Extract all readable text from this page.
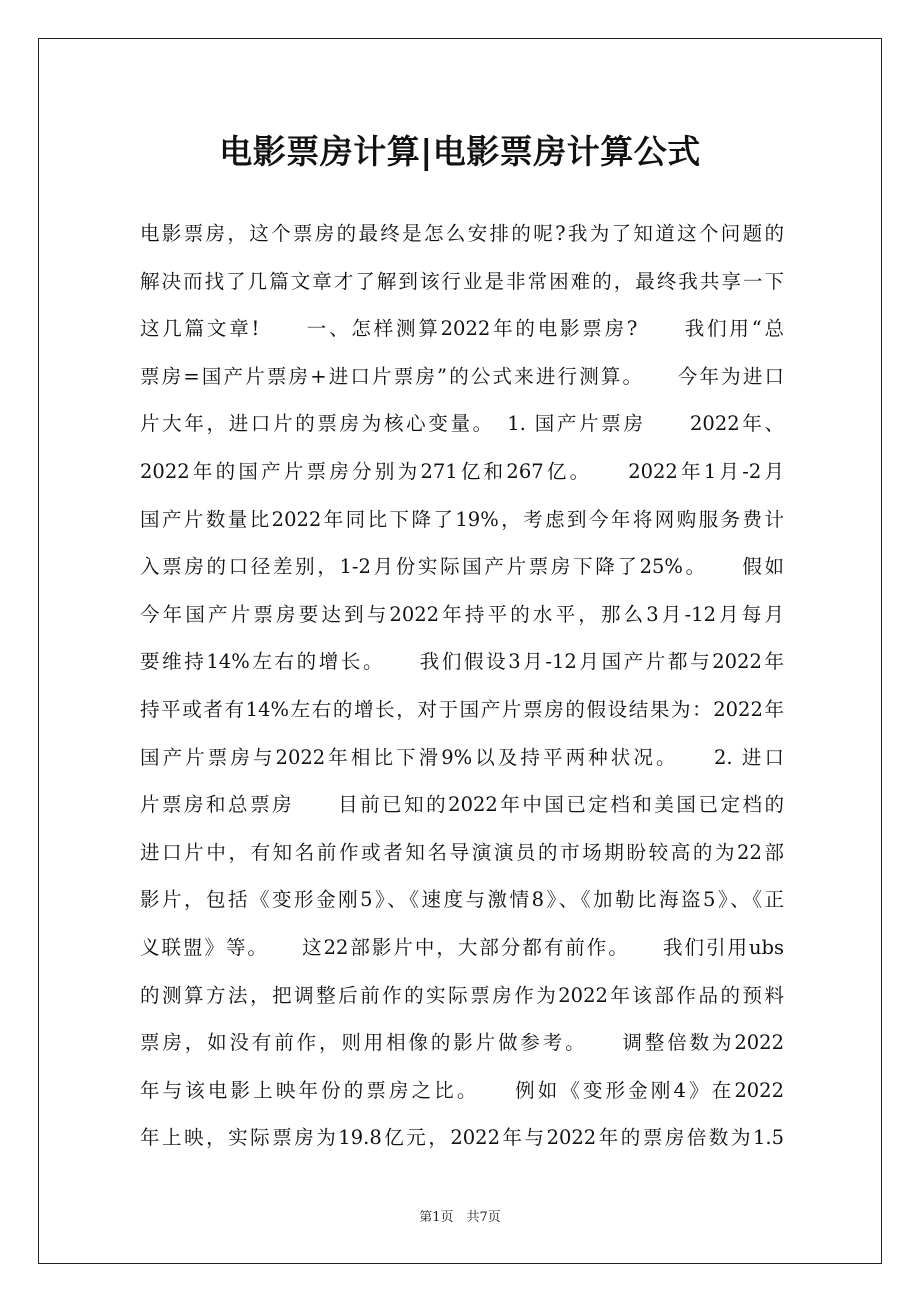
电影票房计算|电影票房计算公式
电影票房，这个票房的最终是怎么安排的呢?我为了知道这个问题的
解决而找了几篇文章才了解到该行业是非常困难的，最终我共享一下
这几篇文章!　　一、怎样测算2022年的电影票房?　　我们用“总
票房=国产片票房+进口片票房”的公式来进行测算。　　今年为进口
片大年，进口片的票房为核心变量。　1. 国产片票房　　2022年、
2022年的国产片票房分别为271亿和267亿。　　2022年1月-2月
国产片数量比2022年同比下降了19%，考虑到今年将网购服务费计
入票房的口径差别，1-2月份实际国产片票房下降了25%。　　假如
今年国产片票房要达到与2022年持平的水平，那么3月-12月每月
要维持14%左右的增长。　　我们假设3月-12月国产片都与2022年
持平或者有14%左右的增长，对于国产片票房的假设结果为：2022年
国产片票房与2022年相比下滑9%以及持平两种状况。　　2. 进口
片票房和总票房　　目前已知的2022年中国已定档和美国已定档的
进口片中，有知名前作或者知名导演演员的市场期盼较高的为22部
影片，包括《变形金刚5》、《速度与激情8》、《加勒比海盗5》、《正
义联盟》等。　　这22部影片中，大部分都有前作。　　我们引用ubs
的测算方法，把调整后前作的实际票房作为2022年该部作品的预料
票房，如没有前作，则用相像的影片做参考。　　调整倍数为2022
年与该电影上映年份的票房之比。　　例如《变形金刚4》在2022
年上映，实际票房为19.8亿元，2022年与2022年的票房倍数为1.5
第1页　共7页
